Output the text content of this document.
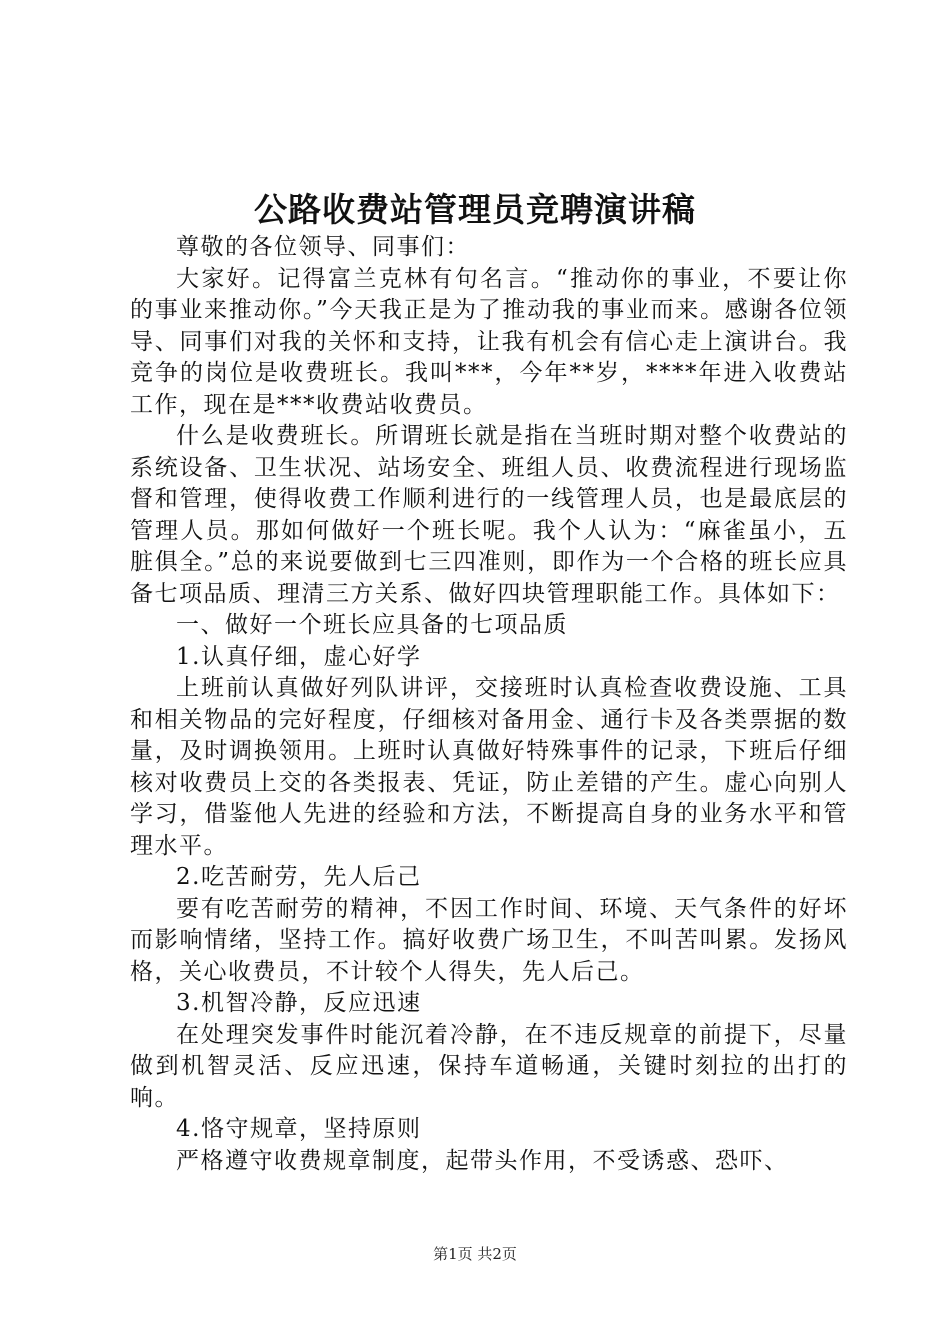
公路收费站管理员竞聘演讲稿

尊敬的各位领导、同事们：

大家好。记得富兰克林有句名言。“推动你的事业，不要让你的事业来推动你。”今天我正是为了推动我的事业而来。感谢各位领导、同事们对我的关怀和支持，让我有机会有信心走上演讲台。我竞争的岗位是收费班长。我叫***，今年**岁，****年进入收费站工作，现在是***收费站收费员。

什么是收费班长。所谓班长就是指在当班时期对整个收费站的系统设备、卫生状况、站场安全、班组人员、收费流程进行现场监督和管理，使得收费工作顺利进行的一线管理人员，也是最底层的管理人员。那如何做好一个班长呢。我个人认为：“麻雀虽小，五脏俱全。”总的来说要做到七三四准则，即作为一个合格的班长应具备七项品质、理清三方关系、做好四块管理职能工作。具体如下：

一、做好一个班长应具备的七项品质

1.认真仔细，虚心好学

上班前认真做好列队讲评，交接班时认真检查收费设施、工具和相关物品的完好程度，仔细核对备用金、通行卡及各类票据的数量，及时调换领用。上班时认真做好特殊事件的记录，下班后仔细核对收费员上交的各类报表、凭证，防止差错的产生。虚心向别人学习，借鉴他人先进的经验和方法，不断提高自身的业务水平和管理水平。

2.吃苦耐劳，先人后己

要有吃苦耐劳的精神，不因工作时间、环境、天气条件的好坏而影响情绪，坚持工作。搞好收费广场卫生，不叫苦叫累。发扬风格，关心收费员，不计较个人得失，先人后己。

3.机智冷静，反应迅速

在处理突发事件时能沉着冷静，在不违反规章的前提下，尽量做到机智灵活、反应迅速，保持车道畅通，关键时刻拉的出打的响。

4.恪守规章，坚持原则

严格遵守收费规章制度，起带头作用，不受诱惑、恐吓、

第1页 共2页
